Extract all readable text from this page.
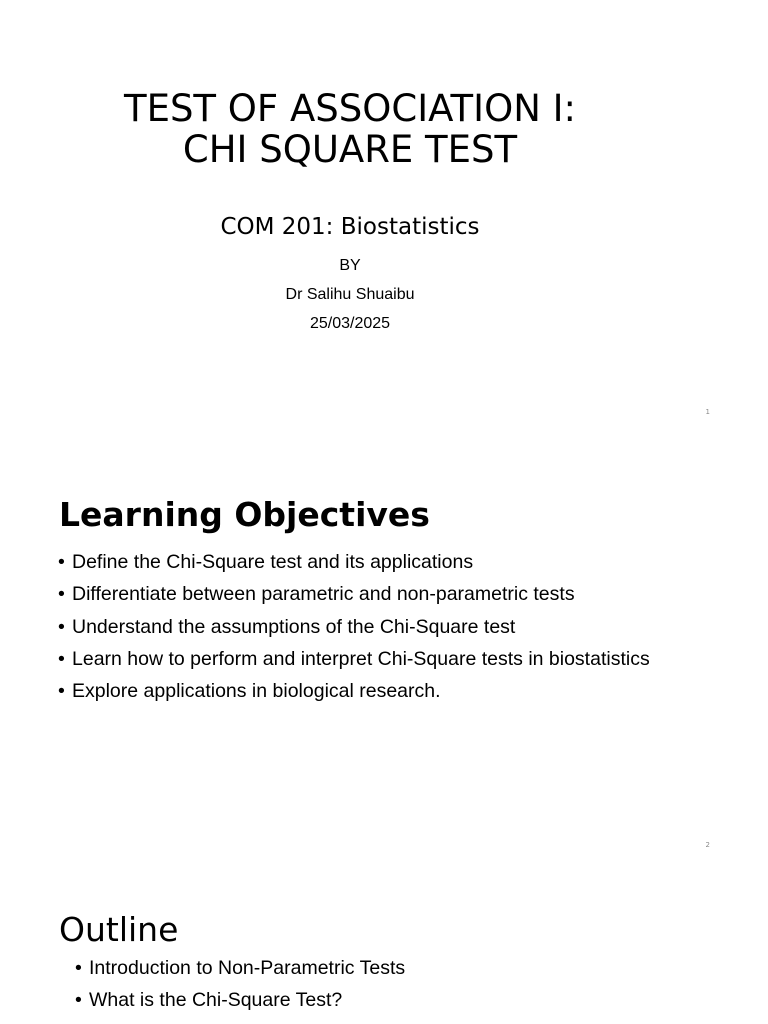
TEST OF ASSOCIATION I:
CHI SQUARE TEST
COM 201: Biostatistics
BY
Dr Salihu Shuaibu
25/03/2025
1
Learning Objectives
• Define the Chi-Square test and its applications
• Differentiate between parametric and non-parametric tests
• Understand the assumptions of the Chi-Square test
• Learn how to perform and interpret Chi-Square tests in biostatistics
• Explore applications in biological research.
2
Outline
• Introduction to Non-Parametric Tests
• What is the Chi-Square Test?
